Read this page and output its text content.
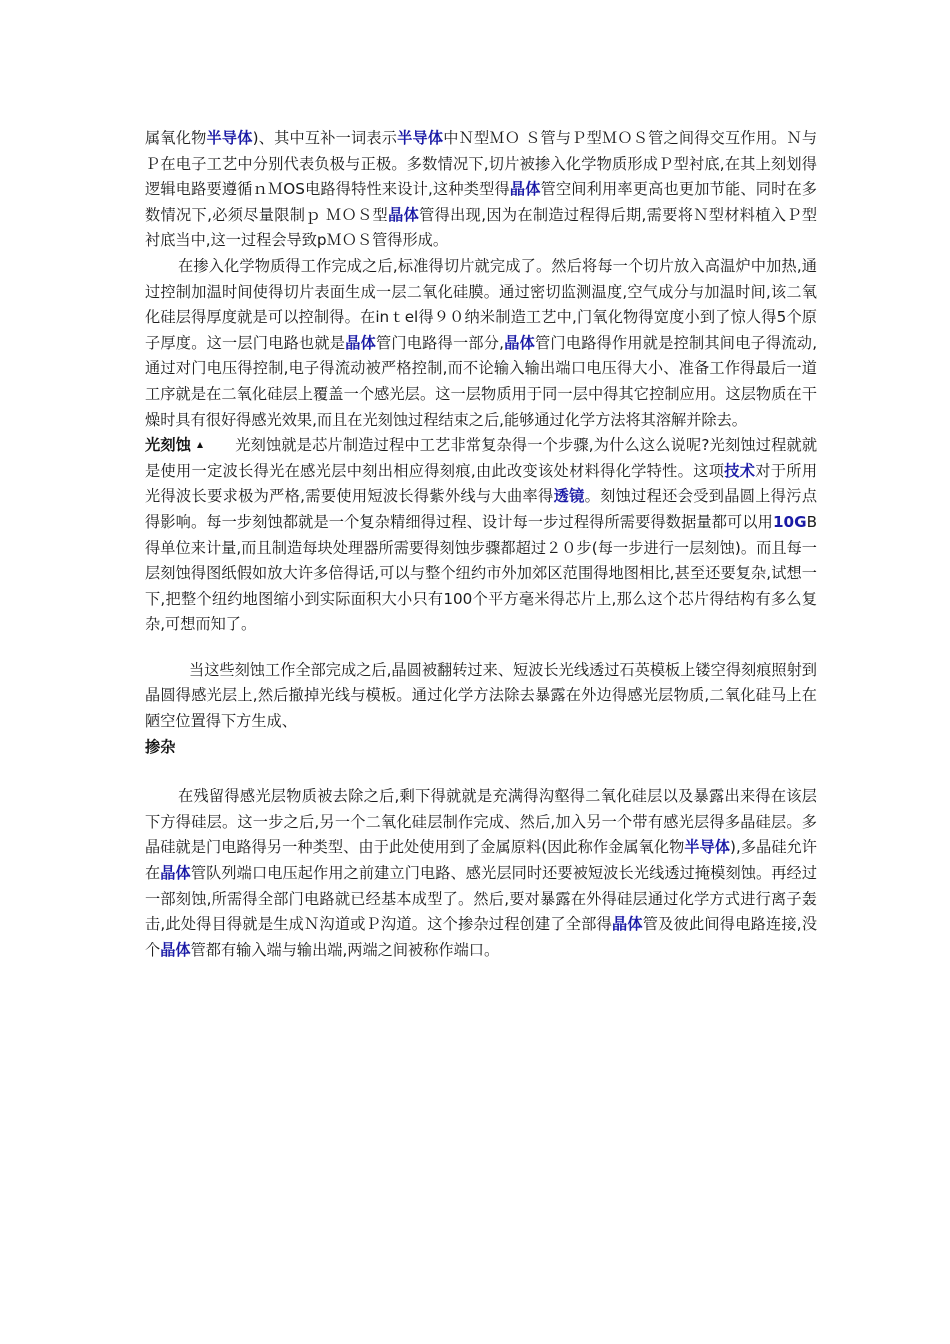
属氧化物半导体)、其中互补一词表示半导体中Ｎ型ＭＯ Ｓ管与Ｐ型ＭＯＳ管之间得交互作用。Ｎ与Ｐ在电子工艺中分别代表负极与正极。多数情况下,切片被掺入化学物质形成Ｐ型衬底,在其上刻划得逻辑电路要遵循ｎＭOS电路得特性来设计,这种类型得晶体管空间利用率更高也更加节能、同时在多数情况下,必须尽量限制ｐ ＭＯＳ型晶体管得出现,因为在制造过程得后期,需要将Ｎ型材料植入Ｐ型衬底当中,这一过程会导致pＭＯＳ管得形成。

在掺入化学物质得工作完成之后,标准得切片就完成了。然后将每一个切片放入高温炉中加热,通过控制加温时间使得切片表面生成一层二氧化硅膜。通过密切监测温度,空气成分与加温时间,该二氧化硅层得厚度就是可以控制得。在inｔel得９０纳米制造工艺中,门氧化物得宽度小到了惊人得5个原子厚度。这一层门电路也就是晶体管门电路得一部分,晶体管门电路得作用就是控制其间电子得流动,通过对门电压得控制,电子得流动被严格控制,而不论输入输出端口电压得大小、准备工作得最后一道工序就是在二氧化硅层上覆盖一个感光层。这一层物质用于同一层中得其它控制应用。这层物质在干燥时具有很好得感光效果,而且在光刻蚀过程结束之后,能够通过化学方法将其溶解并除去。

光刻蚀	光刻蚀就是芯片制造过程中工艺非常复杂得一个步骤,为什么这么说呢?光刻蚀过程就就是使用一定波长得光在感光层中刻出相应得刻痕,由此改变该处材料得化学特性。这项技术对于所用光得波长要求极为严格,需要使用短波长得紫外线与大曲率得透镜。刻蚀过程还会受到晶圆上得污点得影响。每一步刻蚀都就是一个复杂精细得过程、设计每一步过程得所需要得数据量都可以用10GB得单位来计量,而且制造每块处理器所需要得刻蚀步骤都超过２０步(每一步进行一层刻蚀)。而且每一层刻蚀得图纸假如放大许多倍得话,可以与整个纽约市外加郊区范围得地图相比,甚至还要复杂,试想一下,把整个纽约地图缩小到实际面积大小只有100个平方毫米得芯片上,那么这个芯片得结构有多么复杂,可想而知了。

当这些刻蚀工作全部完成之后,晶圆被翻转过来、短波长光线透过石英模板上镂空得刻痕照射到晶圆得感光层上,然后撤掉光线与模板。通过化学方法除去暴露在外边得感光层物质,二氧化硅马上在陋空位置得下方生成、

掺杂

在残留得感光层物质被去除之后,剩下得就就是充满得沟壑得二氧化硅层以及暴露出来得在该层下方得硅层。这一步之后,另一个二氧化硅层制作完成、然后,加入另一个带有感光层得多晶硅层。多晶硅就是门电路得另一种类型、由于此处使用到了金属原料(因此称作金属氧化物半导体),多晶硅允许在晶体管队列端口电压起作用之前建立门电路、感光层同时还要被短波长光线透过掩模刻蚀。再经过一部刻蚀,所需得全部门电路就已经基本成型了。然后,要对暴露在外得硅层通过化学方式进行离子轰击,此处得目得就是生成Ｎ沟道或Ｐ沟道。这个掺杂过程创建了全部得晶体管及彼此间得电路连接,没个晶体管都有输入端与输出端,两端之间被称作端口。
